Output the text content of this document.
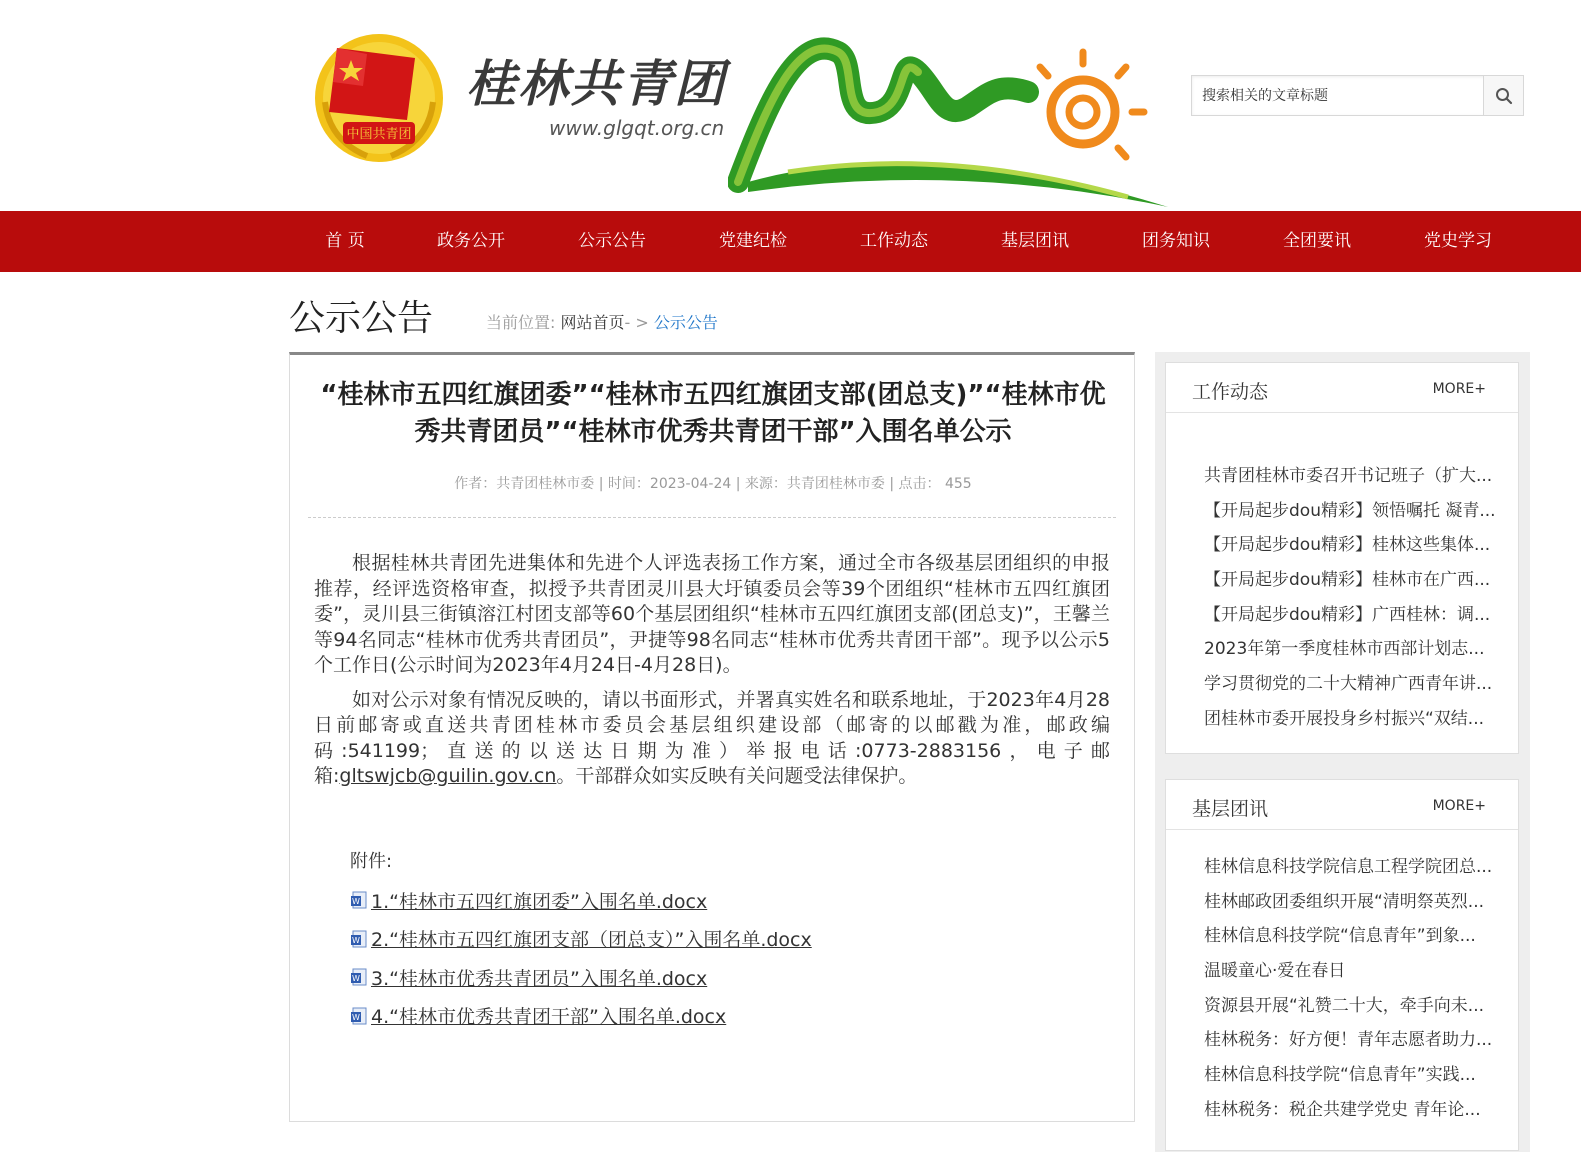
中国共青团
桂林共青团
www.glgqt.org.cn
搜索相关的文章标题
首 页	政务公开	公示公告	党建纪检	工作动态	基层团讯	团务知识	全团要讯	党史学习
公示公告	当前位置: 网站首页- > 公示公告
“桂林市五四红旗团委”“桂林市五四红旗团支部(团总支)”“桂林市优秀共青团员”“桂林市优秀共青团干部”入围名单公示
作者：共青团桂林市委 | 时间：2023-04-24 | 来源：共青团桂林市委 | 点击： 455

根据桂林共青团先进集体和先进个人评选表扬工作方案，通过全市各级基层团组织的申报推荐，经评选资格审查，拟授予共青团灵川县大圩镇委员会等39个团组织“桂林市五四红旗团委”，灵川县三街镇溶江村团支部等60个基层团组织“桂林市五四红旗团支部(团总支)”，王馨兰等94名同志“桂林市优秀共青团员”，尹捷等98名同志“桂林市优秀共青团干部”。现予以公示5个工作日(公示时间为2023年4月24日-4月28日)。

如对公示对象有情况反映的，请以书面形式，并署真实姓名和联系地址，于2023年4月28日前邮寄或直送共青团桂林市委员会基层组织建设部（邮寄的以邮戳为准，邮政编码:541199；直送的以送达日期为准）举报电话:0773-2883156，电子邮箱:gltswjcb@guilin.gov.cn。干部群众如实反映有关问题受法律保护。

附件:
W 1.“桂林市五四红旗团委”入围名单.docx
W 2.“桂林市五四红旗团支部（团总支）”入围名单.docx
W 3.“桂林市优秀共青团员”入围名单.docx
W 4.“桂林市优秀共青团干部”入围名单.docx
工作动态	MORE+
共青团桂林市委召开书记班子（扩大...
【开局起步dou精彩】领悟嘱托 凝青...
【开局起步dou精彩】桂林这些集体...
【开局起步dou精彩】桂林市在广西...
【开局起步dou精彩】广西桂林：调...
2023年第一季度桂林市西部计划志...
学习贯彻党的二十大精神广西青年讲...
团桂林市委开展投身乡村振兴“双结...
基层团讯	MORE+
桂林信息科技学院信息工程学院团总...
桂林邮政团委组织开展“清明祭英烈...
桂林信息科技学院“信息青年”到象...
温暖童心·爱在春日
资源县开展“礼赞二十大，牵手向未...
桂林税务：好方便！青年志愿者助力...
桂林信息科技学院“信息青年”实践...
桂林税务：税企共建学党史 青年论...
